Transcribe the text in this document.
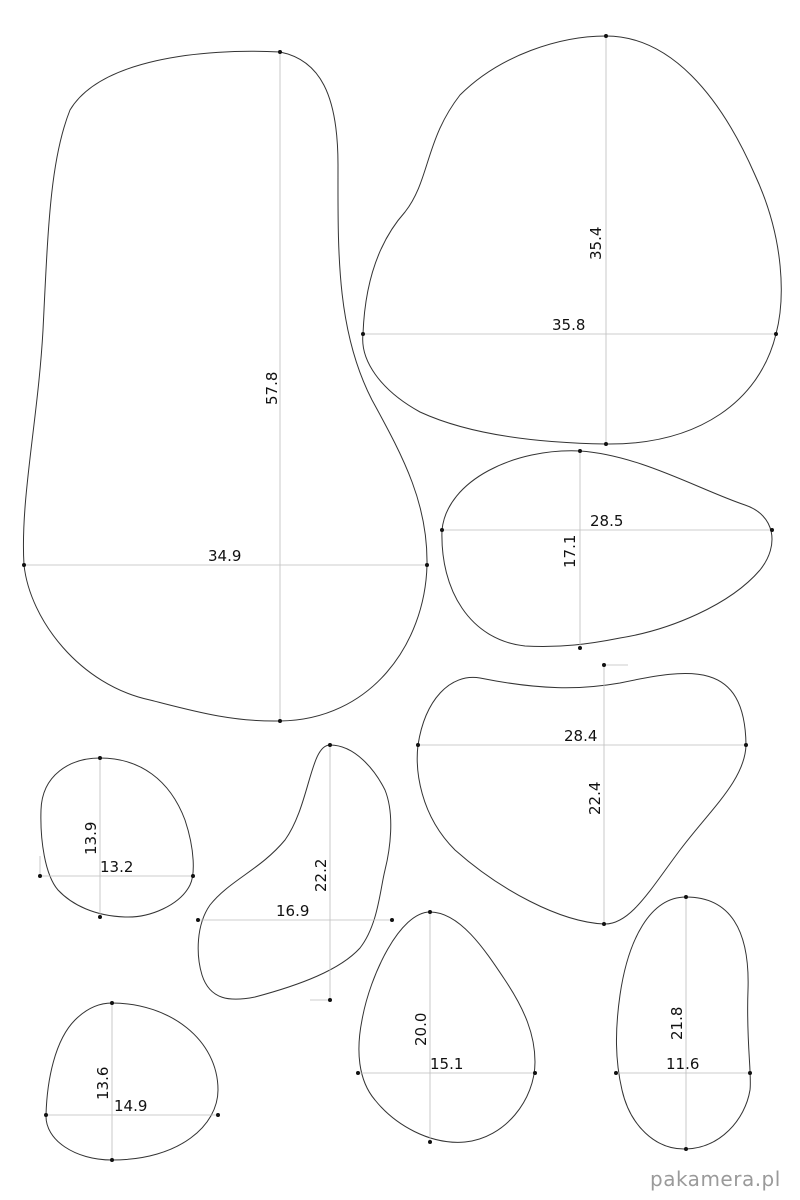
34.9
57.8
35.8
35.4
28.5
17.1
28.4
22.4
13.2
13.9
16.9
22.2
15.1
20.0
11.6
21.8
14.9
13.6
pakamera.pl
